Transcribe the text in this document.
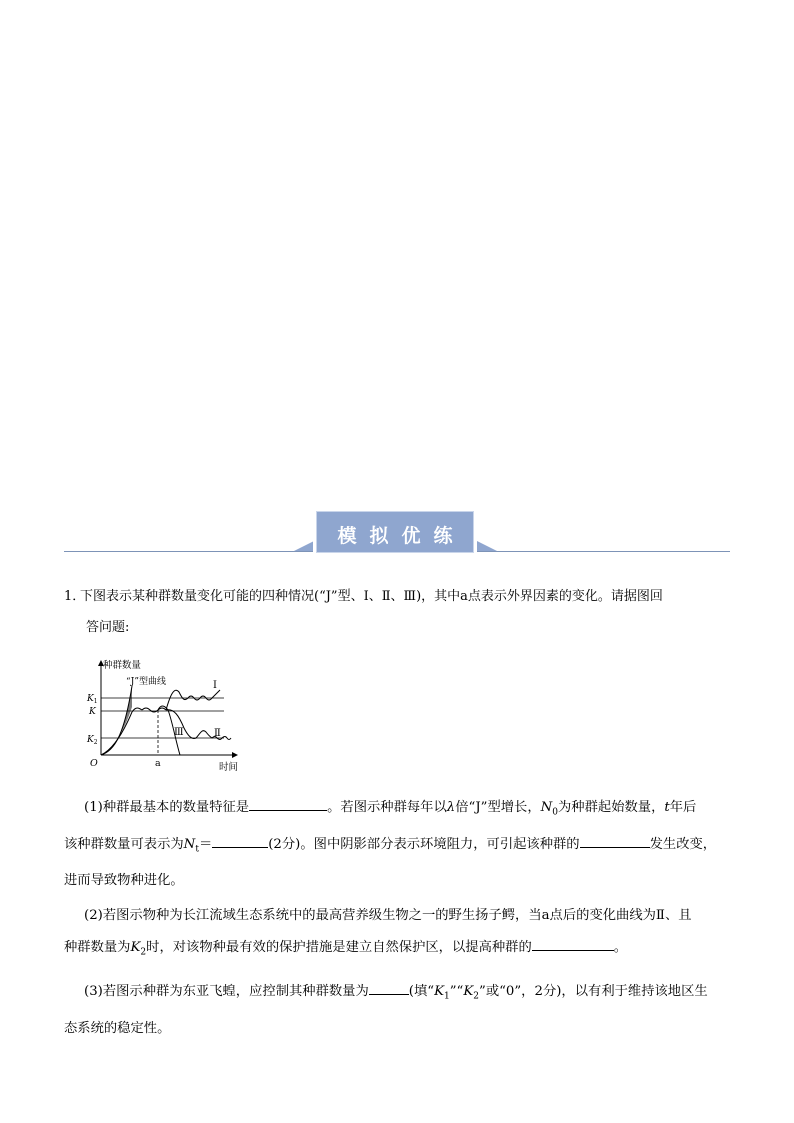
模拟优练
1．
下图表示某种群数量变化可能的四种情况(“J”型、Ⅰ、Ⅱ、Ⅲ)，其中a点表示外界因素的变化。请据图回
答问题:
种群数量
“J”型曲线	Ⅰ
Ⅲ	Ⅱ
$K_1$
K
$K_2$
O	a	时间
(1)种群最基本的数量特征是	。若图示种群每年以λ倍“J”型增长，$N_0$为种群起始数量，t年后
该种群数量可表示为$N_t=$	(2分)。图中阴影部分表示环境阻力，可引起该种群的	发生改变，
进而导致物种进化。
(2)若图示物种为长江流域生态系统中的最高营养级生物之一的野生扬子鳄，当a点后的变化曲线为Ⅱ、且
种群数量为$K_2$时，对该物种最有效的保护措施是建立自然保护区，以提高种群的	。
(3)若图示种群为东亚飞蝗，应控制其种群数量为	(填“$K_1”“K_2$”或“0”，2分)，以有利于维持该地区生
态系统的稳定性。
